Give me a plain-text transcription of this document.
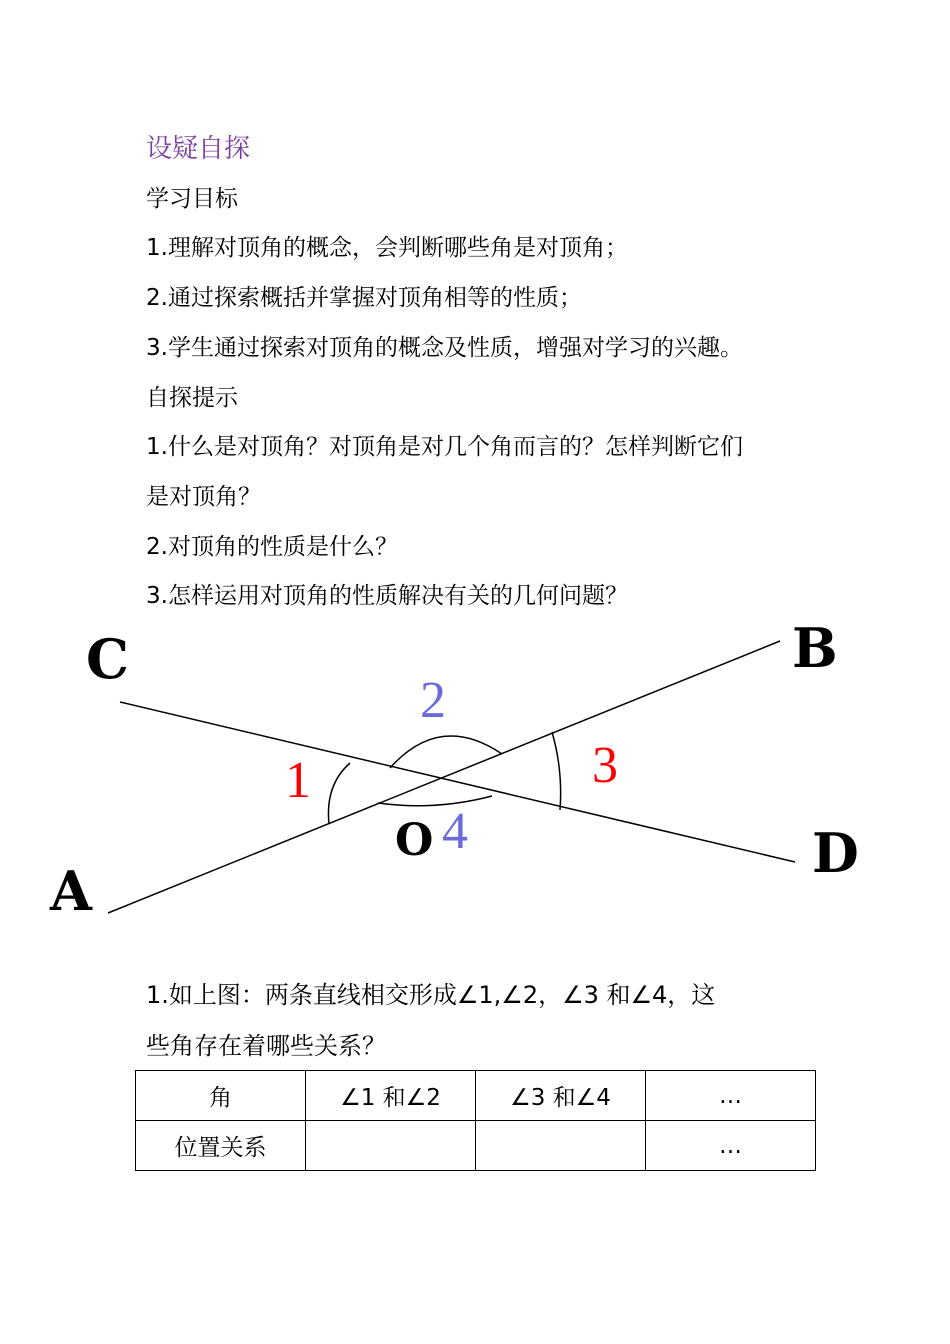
设疑自探
学习目标
1.理解对顶角的概念，会判断哪些角是对顶角；
2.通过探索概括并掌握对顶角相等的性质；
3.学生通过探索对顶角的概念及性质，增强对学习的兴趣。
自探提示
1.什么是对顶角？对顶角是对几个角而言的？怎样判断它们
是对顶角？
2.对顶角的性质是什么？
3.怎样运用对顶角的性质解决有关的几何问题？
C	B
A
D
O
1
2
3
4
1.如上图：两条直线相交形成∠1,∠2，∠3 和∠4，这
些角存在着哪些关系？
角	∠1 和∠2	∠3 和∠4	…
位置关系			…
